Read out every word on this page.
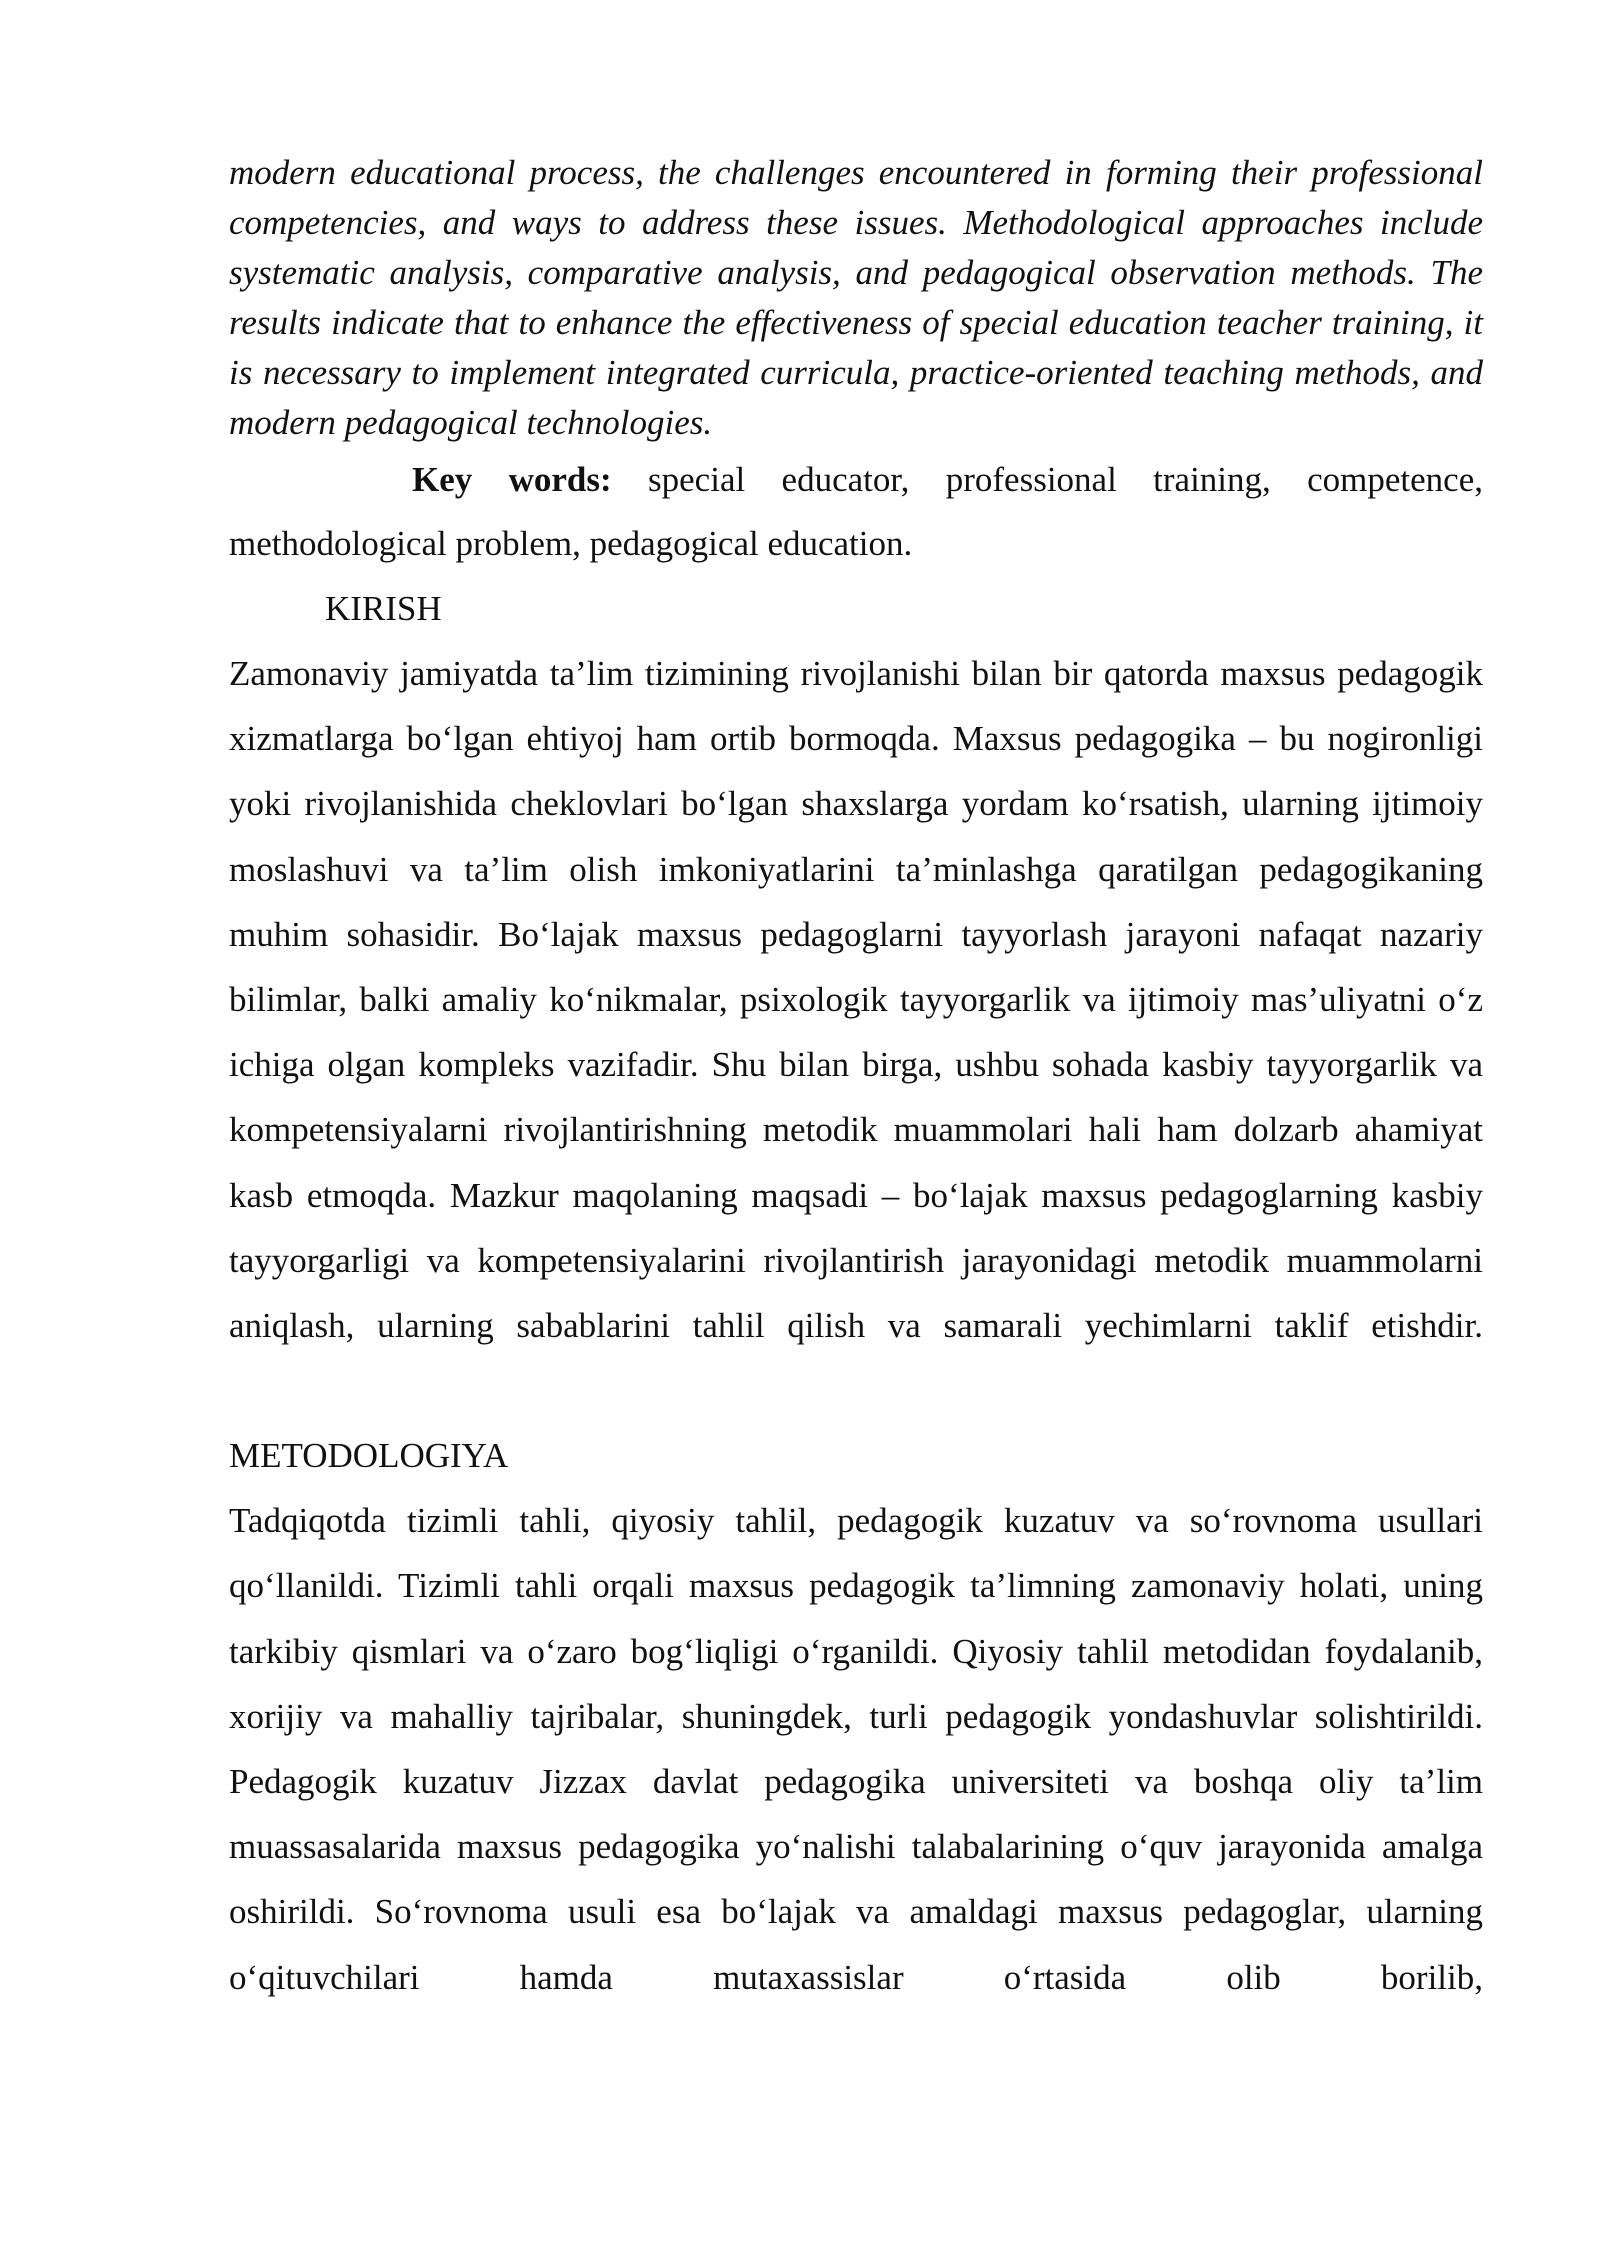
modern educational process, the challenges encountered in forming their professional competencies, and ways to address these issues. Methodological approaches include systematic analysis, comparative analysis, and pedagogical observation methods. The results indicate that to enhance the effectiveness of special education teacher training, it is necessary to implement integrated curricula, practice-oriented teaching methods, and modern pedagogical technologies.

Key words: special educator, professional training, competence, methodological problem, pedagogical education.

KIRISH

Zamonaviy jamiyatda ta’lim tizimining rivojlanishi bilan bir qatorda maxsus pedagogik xizmatlarga bo‘lgan ehtiyoj ham ortib bormoqda. Maxsus pedagogika – bu nogironligi yoki rivojlanishida cheklovlari bo‘lgan shaxslarga yordam ko‘rsatish, ularning ijtimoiy moslashuvi va ta’lim olish imkoniyatlarini ta’minlashga qaratilgan pedagogikaning muhim sohasidir. Bo‘lajak maxsus pedagoglarni tayyorlash jarayoni nafaqat nazariy bilimlar, balki amaliy ko‘nikmalar, psixologik tayyorgarlik va ijtimoiy mas’uliyatni o‘z ichiga olgan kompleks vazifadir. Shu bilan birga, ushbu sohada kasbiy tayyorgarlik va kompetensiyalarni rivojlantirishning metodik muammolari hali ham dolzarb ahamiyat kasb etmoqda. Mazkur maqolaning maqsadi – bo‘lajak maxsus pedagoglarning kasbiy tayyorgarligi va kompetensiyalarini rivojlantirish jarayonidagi metodik muammolarni aniqlash, ularning sabablarini tahlil qilish va samarali yechimlarni taklif etishdir.

METODOLOGIYA

Tadqiqotda tizimli tahli, qiyosiy tahlil, pedagogik kuzatuv va so‘rovnoma usullari qo‘llanildi. Tizimli tahli orqali maxsus pedagogik ta’limning zamonaviy holati, uning tarkibiy qismlari va o‘zaro bog‘liqligi o‘rganildi. Qiyosiy tahlil metodidan foydalanib, xorijiy va mahalliy tajribalar, shuningdek, turli pedagogik yondashuvlar solishtirildi. Pedagogik kuzatuv Jizzax davlat pedagogika universiteti va boshqa oliy ta’lim muassasalarida maxsus pedagogika yo‘nalishi talabalarining o‘quv jarayonida amalga oshirildi. So‘rovnoma usuli esa bo‘lajak va amaldagi maxsus pedagoglar, ularning o‘qituvchilari hamda mutaxassislar o‘rtasida olib borilib,
